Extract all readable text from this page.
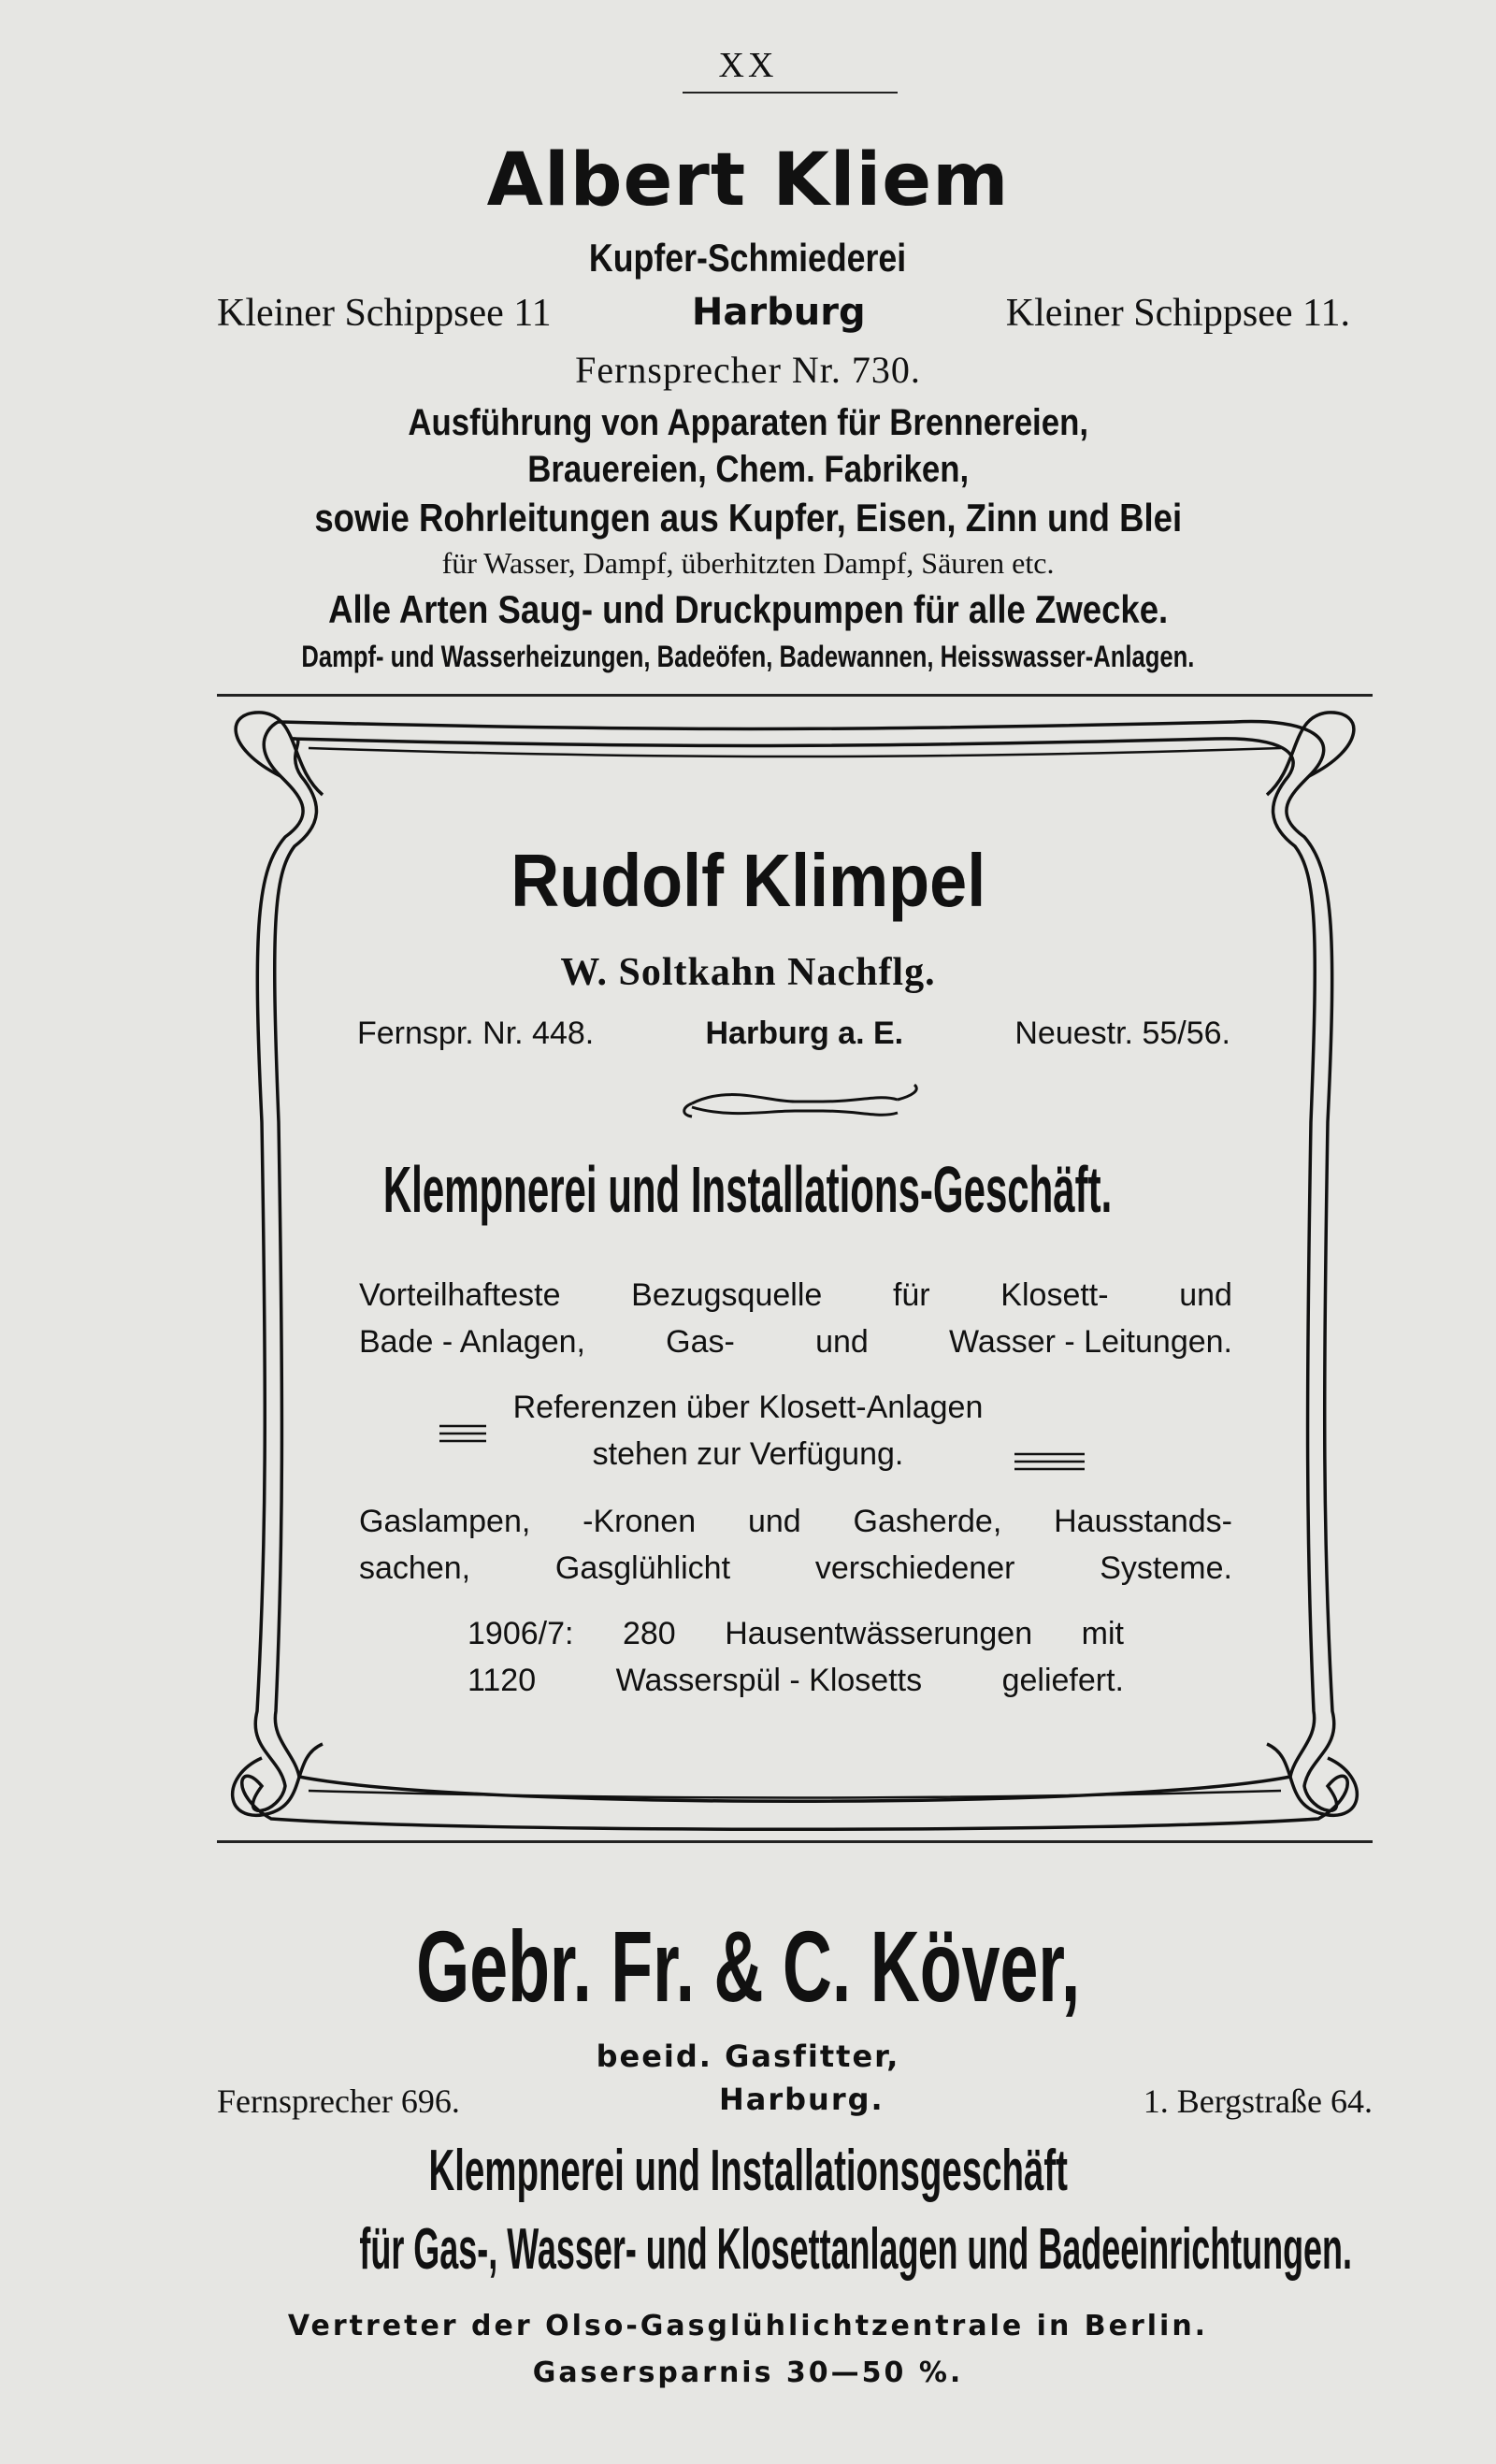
XX
Albert Kliem
Kupfer-Schmiederei
Kleiner Schippsee 11	Harburg	Kleiner Schippsee 11.
Fernsprecher Nr. 730.
Ausführung von Apparaten für Brennereien,
Brauereien, Chem. Fabriken,
sowie Rohrleitungen aus Kupfer, Eisen, Zinn und Blei
für Wasser, Dampf, überhitzten Dampf, Säuren etc.
Alle Arten Saug- und Druckpumpen für alle Zwecke.
Dampf- und Wasserheizungen, Badeöfen, Badewannen, Heisswasser-Anlagen.
Rudolf Klimpel
W. Soltkahn Nachflg.
Fernspr. Nr. 448.	Harburg a. E.	Neuestr. 55/56.
Klempnerei und Installations-Geschäft.
Vorteilhafteste Bezugsquelle für Klosett- und
Bade - Anlagen,	Gas-	und	Wasser - Leitungen.
Referenzen über Klosett-Anlagen
stehen zur Verfügung.
Gaslampen, -Kronen und Gasherde, Hausstands-
sachen,	Gasglühlicht	verschiedener	Systeme.
1906/7: 280 Hausentwässerungen mit
1120	Wasserspül - Klosetts	geliefert.
Gebr. Fr. & C. Köver,
beeid. Gasfitter,
Fernsprecher 696.	Harburg.	1. Bergstraße 64.
Klempnerei und Installationsgeschäft
für Gas-, Wasser- und Klosettanlagen und Badeeinrichtungen.
Vertreter der Olso-Gasglühlichtzentrale in Berlin.
Gasersparnis 30—50 %.
